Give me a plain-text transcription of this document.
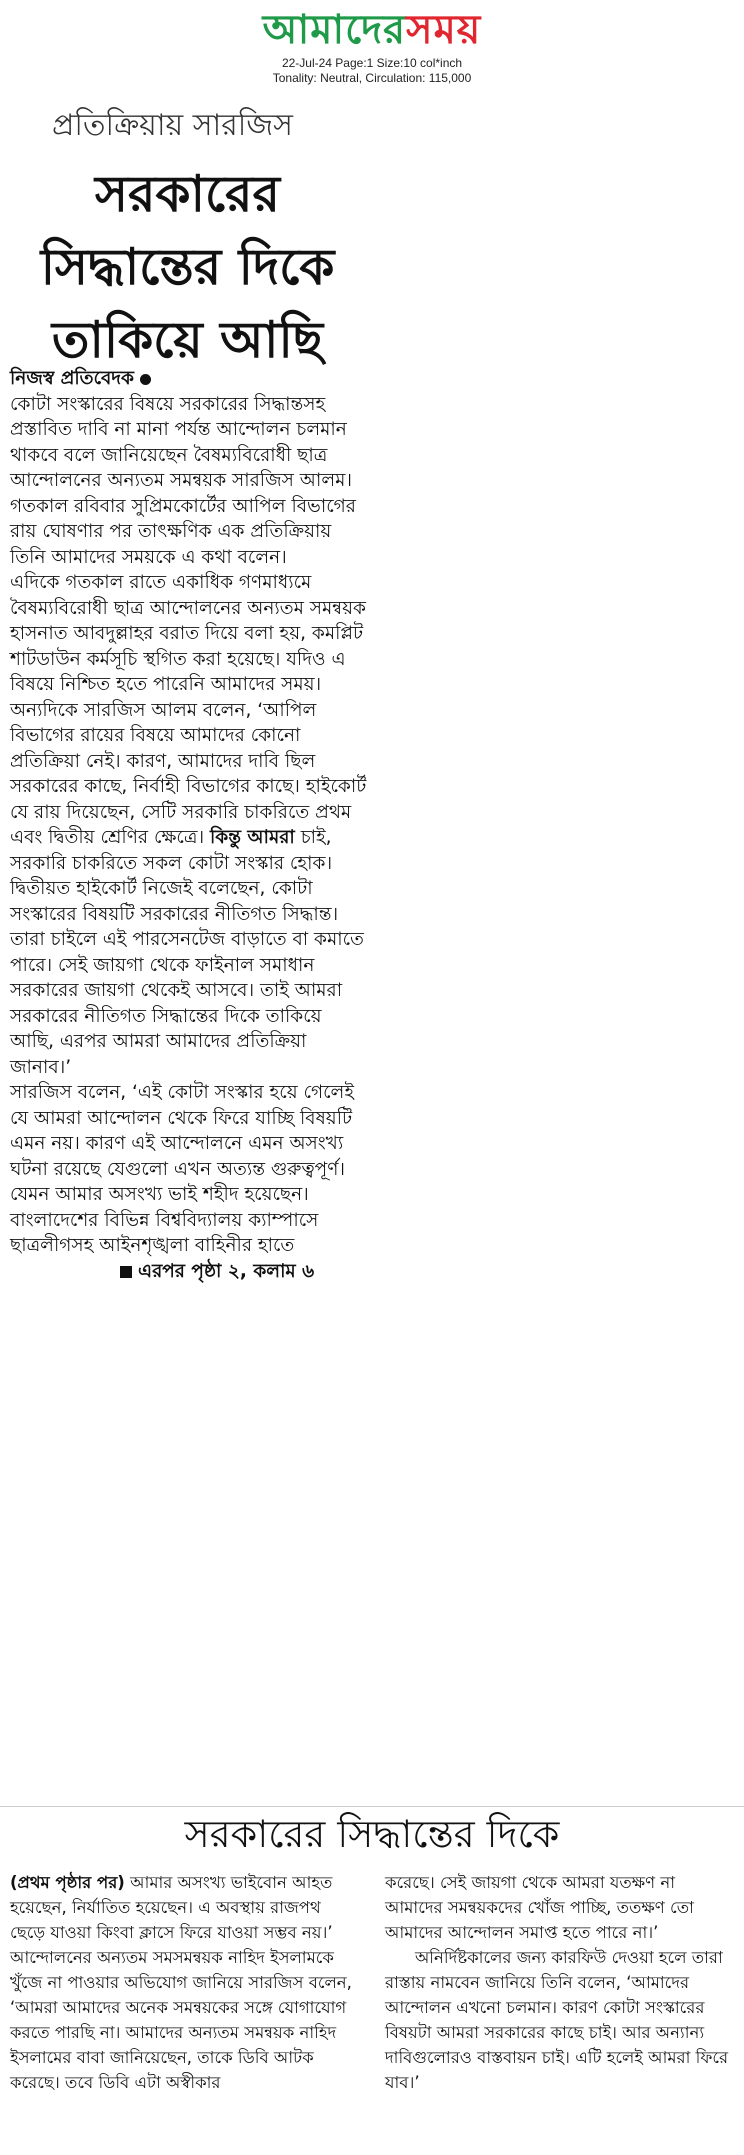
আমাদেরসময়
22-Jul-24 Page:1 Size:10 col*inch
Tonality: Neutral, Circulation: 115,000
প্রতিক্রিয়ায় সারজিস
সরকারের
সিদ্ধান্তের দিকে
তাকিয়ে আছি

নিজস্ব প্রতিবেদক

কোটা সংস্কারের বিষয়ে সরকারের সিদ্ধান্তসহ প্রস্তাবিত দাবি না মানা পর্যন্ত আন্দোলন চলমান থাকবে বলে জানিয়েছেন বৈষম্যবিরোধী ছাত্র আন্দোলনের অন্যতম সমন্বয়ক সারজিস আলম। গতকাল রবিবার সুপ্রিমকোর্টের আপিল বিভাগের রায় ঘোষণার পর তাৎক্ষণিক এক প্রতিক্রিয়ায় তিনি আমাদের সময়কে এ কথা বলেন।

এদিকে গতকাল রাতে একাধিক গণমাধ্যমে বৈষম্যবিরোধী ছাত্র আন্দোলনের অন্যতম সমন্বয়ক হাসনাত আবদুল্লাহর বরাত দিয়ে বলা হয়, কমপ্লিট শাটডাউন কর্মসূচি স্থগিত করা হয়েছে। যদিও এ বিষয়ে নিশ্চিত হতে পারেনি আমাদের সময়।

অন্যদিকে সারজিস আলম বলেন, ‘আপিল বিভাগের রায়ের বিষয়ে আমাদের কোনো প্রতিক্রিয়া নেই। কারণ, আমাদের দাবি ছিল সরকারের কাছে, নির্বাহী বিভাগের কাছে। হাইকোর্ট যে রায় দিয়েছেন, সেটি সরকারি চাকরিতে প্রথম এবং দ্বিতীয় শ্রেণির ক্ষেত্রে। কিন্তু আমরা চাই, সরকারি চাকরিতে সকল কোটা সংস্কার হোক। দ্বিতীয়ত হাইকোর্ট নিজেই বলেছেন, কোটা সংস্কারের বিষয়টি সরকারের নীতিগত সিদ্ধান্ত। তারা চাইলে এই পারসেনটেজ বাড়াতে বা কমাতে পারে। সেই জায়গা থেকে ফাইনাল সমাধান সরকারের জায়গা থেকেই আসবে। তাই আমরা সরকারের নীতিগত সিদ্ধান্তের দিকে তাকিয়ে আছি, এরপর আমরা আমাদের প্রতিক্রিয়া জানাব।’

সারজিস বলেন, ‘এই কোটা সংস্কার হয়ে গেলেই যে আমরা আন্দোলন থেকে ফিরে যাচ্ছি বিষয়টি এমন নয়। কারণ এই আন্দোলনে এমন অসংখ্য ঘটনা রয়েছে যেগুলো এখন অত্যন্ত গুরুত্বপূর্ণ। যেমন আমার অসংখ্য ভাই শহীদ হয়েছেন। বাংলাদেশের বিভিন্ন বিশ্ববিদ্যালয় ক্যাম্পাসে ছাত্রলীগসহ আইনশৃঙ্খলা বাহিনীর হাতে এরপর পৃষ্ঠা ২, কলাম ৬

সরকারের সিদ্ধান্তের দিকে

(প্রথম পৃষ্ঠার পর) আমার অসংখ্য ভাইবোন আহত হয়েছেন, নির্যাতিত হয়েছেন। এ অবস্থায় রাজপথ ছেড়ে যাওয়া কিংবা ক্লাসে ফিরে যাওয়া সম্ভব নয়।’ আন্দোলনের অন্যতম সমসমন্বয়ক নাহিদ ইসলামকে খুঁজে না পাওয়ার অভিযোগ জানিয়ে সারজিস বলেন, ‘আমরা আমাদের অনেক সমন্বয়কের সঙ্গে যোগাযোগ করতে পারছি না। আমাদের অন্যতম সমন্বয়ক নাহিদ ইসলামের বাবা জানিয়েছেন, তাকে ডিবি আটক করেছে। তবে ডিবি এটা অস্বীকার

করেছে। সেই জায়গা থেকে আমরা যতক্ষণ না আমাদের সমন্বয়কদের খোঁজ পাচ্ছি, ততক্ষণ তো আমাদের আন্দোলন সমাপ্ত হতে পারে না।’

অনির্দিষ্টকালের জন্য কারফিউ দেওয়া হলে তারা রাস্তায় নামবেন জানিয়ে তিনি বলেন, ‘আমাদের আন্দোলন এখনো চলমান। কারণ কোটা সংস্কারের বিষয়টা আমরা সরকারের কাছে চাই। আর অন্যান্য দাবিগুলোরও বাস্তবায়ন চাই। এটি হলেই আমরা ফিরে যাব।’
